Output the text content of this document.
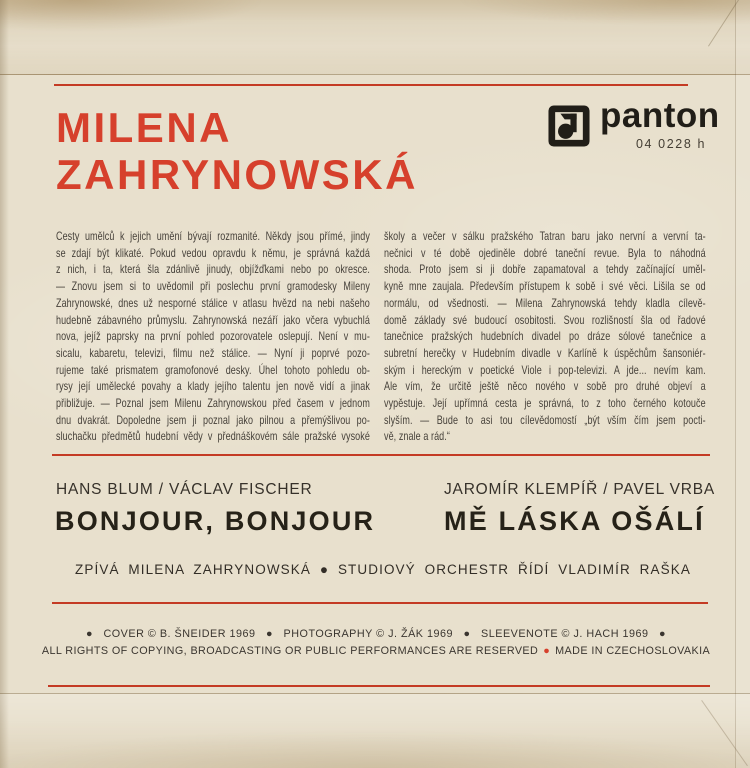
MILENA
ZAHRYNOWSKÁ
panton
04 0228 h
Cesty umělců k jejich umění bývají rozmanité. Někdy jsou přímé, jindy
se zdají být klikaté. Pokud vedou opravdu k němu, je správná každá
z nich, i ta, která šla zdánlivě jinudy, objížďkami nebo po okresce.
— Znovu jsem si to uvědomil při poslechu první gramodesky Mileny
Zahrynowské, dnes už nesporné stálice v atlasu hvězd na nebi našeho
hudebně zábavného průmyslu. Zahrynowská nezáří jako včera vybuchlá
nova, jejíž paprsky na první pohled pozorovatele oslepují. Není v mu-
sicalu, kabaretu, televizi, filmu než stálice. — Nyní ji poprvé pozo-
rujeme také prismatem gramofonové desky. Úhel tohoto pohledu ob-
rysy její umělecké povahy a klady jejího talentu jen nově vidí a jinak
přibližuje. — Poznal jsem Milenu Zahrynowskou před časem v jednom
dnu dvakrát. Dopoledne jsem ji poznal jako pilnou a přemýšlivou po-
sluchačku předmětů hudební vědy v přednáškovém sále pražské vysoké
školy a večer v sálku pražského Tatran baru jako nervní a vervní ta-
nečnici v té době ojediněle dobré taneční revue. Byla to náhodná
shoda. Proto jsem si ji dobře zapamatoval a tehdy začínající uměl-
kyně mne zaujala. Především přístupem k sobě i své věci. Lišila se od
normálu, od všednosti. — Milena Zahrynowská tehdy kladla cílevě-
domě základy své budoucí osobitosti. Svou rozlišností šla od řadové
tanečnice pražských hudebních divadel po dráze sólové tanečnice a
subretní herečky v Hudebním divadle v Karlíně k úspěchům šansoniér-
ským i hereckým v poetické Viole i pop-televizi. A jde... nevím kam.
Ale vím, že určitě ještě něco nového v sobě pro druhé objeví a
vypěstuje. Její upřímná cesta je správná, to z toho černého kotouče
slyším. — Bude to asi tou cílevědomostí „být vším čím jsem pocti-
vě, znale a rád.“
HANS BLUM / VÁCLAV FISCHER	JAROMÍR KLEMPÍŘ / PAVEL VRBA
BONJOUR, BONJOUR	MĚ LÁSKA OŠÁLÍ
ZPÍVÁ MILENA ZAHRYNOWSKÁ ● STUDIOVÝ ORCHESTR ŘÍDÍ VLADIMÍR RAŠKA
●   COVER © B. ŠNEIDER 1969   ●   PHOTOGRAPHY © J. ŽÁK 1969   ●   SLEEVENOTE © J. HACH 1969   ●
ALL RIGHTS OF COPYING, BROADCASTING OR PUBLIC PERFORMANCES ARE RESERVED ● MADE IN CZECHOSLOVAKIA
